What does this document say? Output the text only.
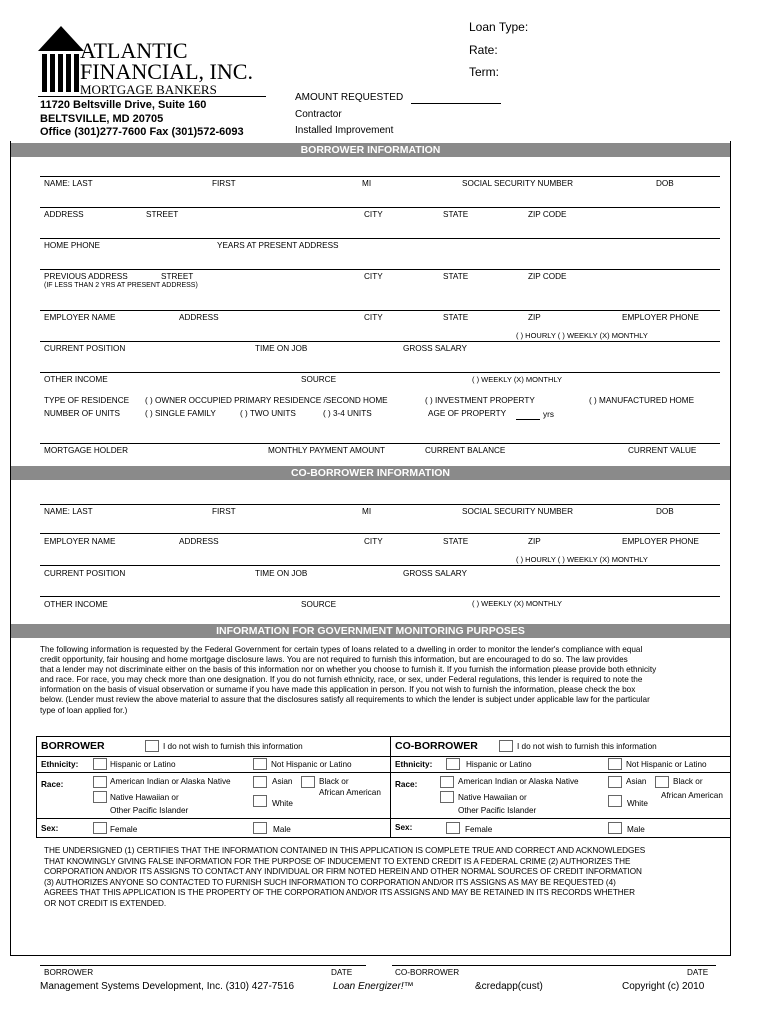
ATLANTIC
FINANCIAL, INC.
MORTGAGE BANKERS
11720 Beltsville Drive, Suite 160
BELTSVILLE, MD 20705
Office (301)277-7600 Fax (301)572-6093
Loan Type:
Rate:
Term:
AMOUNT REQUESTED
Contractor
Installed Improvement
BORROWER INFORMATION
NAME: LAST	FIRST	MI	SOCIAL SECURITY NUMBER	DOB
ADDRESS	STREET	CITY	STATE	ZIP CODE
HOME PHONE	YEARS AT PRESENT ADDRESS
PREVIOUS ADDRESS	STREET	CITY	STATE	ZIP CODE
(IF LESS THAN 2 YRS AT PRESENT ADDRESS)
EMPLOYER NAME	ADDRESS	CITY	STATE	ZIP	EMPLOYER PHONE
( ) HOURLY ( ) WEEKLY (X) MONTHLY
CURRENT POSITION	TIME ON JOB	GROSS SALARY
( ) WEEKLY (X) MONTHLY
OTHER INCOME	SOURCE
TYPE OF RESIDENCE ( ) OWNER OCCUPIED PRIMARY RESIDENCE /SECOND HOME	( ) INVESTMENT PROPERTY	( ) MANUFACTURED HOME
NUMBER OF UNITS	( ) SINGLE FAMILY	( ) TWO UNITS	( ) 3-4 UNITS	AGE OF PROPERTY	yrs
MORTGAGE HOLDER	MONTHLY PAYMENT AMOUNT	CURRENT BALANCE	CURRENT VALUE
CO-BORROWER INFORMATION
NAME: LAST	FIRST	MI	SOCIAL SECURITY NUMBER	DOB
EMPLOYER NAME	ADDRESS	CITY	STATE	ZIP	EMPLOYER PHONE
( ) HOURLY ( ) WEEKLY (X) MONTHLY
CURRENT POSITION	TIME ON JOB	GROSS SALARY
( ) WEEKLY (X) MONTHLY
OTHER INCOME	SOURCE
INFORMATION FOR GOVERNMENT MONITORING PURPOSES
The following information is requested by the Federal Government for certain types of loans related to a dwelling in order to monitor the lender's compliance with equal
credit opportunity, fair housing and home mortgage disclosure laws. You are not required to furnish this information, but are encouraged to do so. The law provides
that a lender may not discriminate either on the basis of this information nor on whether you choose to furnish it. If you furnish the information please provide both ethnicity
and race. For race, you may check more than one designation. If you do not furnish ethnicity, race, or sex, under Federal regulations, this lender is required to note the
information on the basis of visual observation or surname if you have made this application in person. If you not wish to furnish the information, please check the box
below. (Lender must review the above material to assure that the disclosures satisfy all requirements to which the lender is subject under applicable law for the particular
type of loan applied for.)
BORROWER	I do not wish to furnish this information
Ethnicity:	Hispanic or Latino	Not Hispanic or Latino
Race:	American Indian or Alaska Native	Asian	Black or
African American
Native Hawaiian or
Other Pacific Islander
White
Sex:	Female	Male
CO-BORROWER	I do not wish to furnish this information
Ethnicity:	Hispanic or Latino	Not Hispanic or Latino
Race:	American Indian or Alaska Native	Asian	Black or
African American
Native Hawaiian or
Other Pacific Islander
White
Sex:	Female	Male
THE UNDERSIGNED (1) CERTIFIES THAT THE INFORMATION CONTAINED IN THIS APPLICATION IS COMPLETE TRUE AND CORRECT AND ACKNOWLEDGES
THAT KNOWINGLY GIVING FALSE INFORMATION FOR THE PURPOSE OF INDUCEMENT TO EXTEND CREDIT IS A FEDERAL CRIME (2) AUTHORIZES THE
CORPORATION AND/OR ITS ASSIGNS TO CONTACT ANY INDIVIDUAL OR FIRM NOTED HEREIN AND OTHER NORMAL SOURCES OF CREDIT INFORMATION
(3) AUTHORIZES ANYONE SO CONTACTED TO FURNISH SUCH INFORMATION TO CORPORATION AND/OR ITS ASSIGNS AS MAY BE REQUESTED (4)
AGREES THAT THIS APPLICATION IS THE PROPERTY OF THE CORPORATION AND/OR ITS ASSIGNS AND MAY BE RETAINED IN ITS RECORDS WHETHER
OR NOT CREDIT IS EXTENDED.
BORROWER	DATE	CO-BORROWER	DATE
Management Systems Development, Inc. (310) 427-7516	Loan Energizer!™	&credapp(cust)	Copyright (c) 2010
